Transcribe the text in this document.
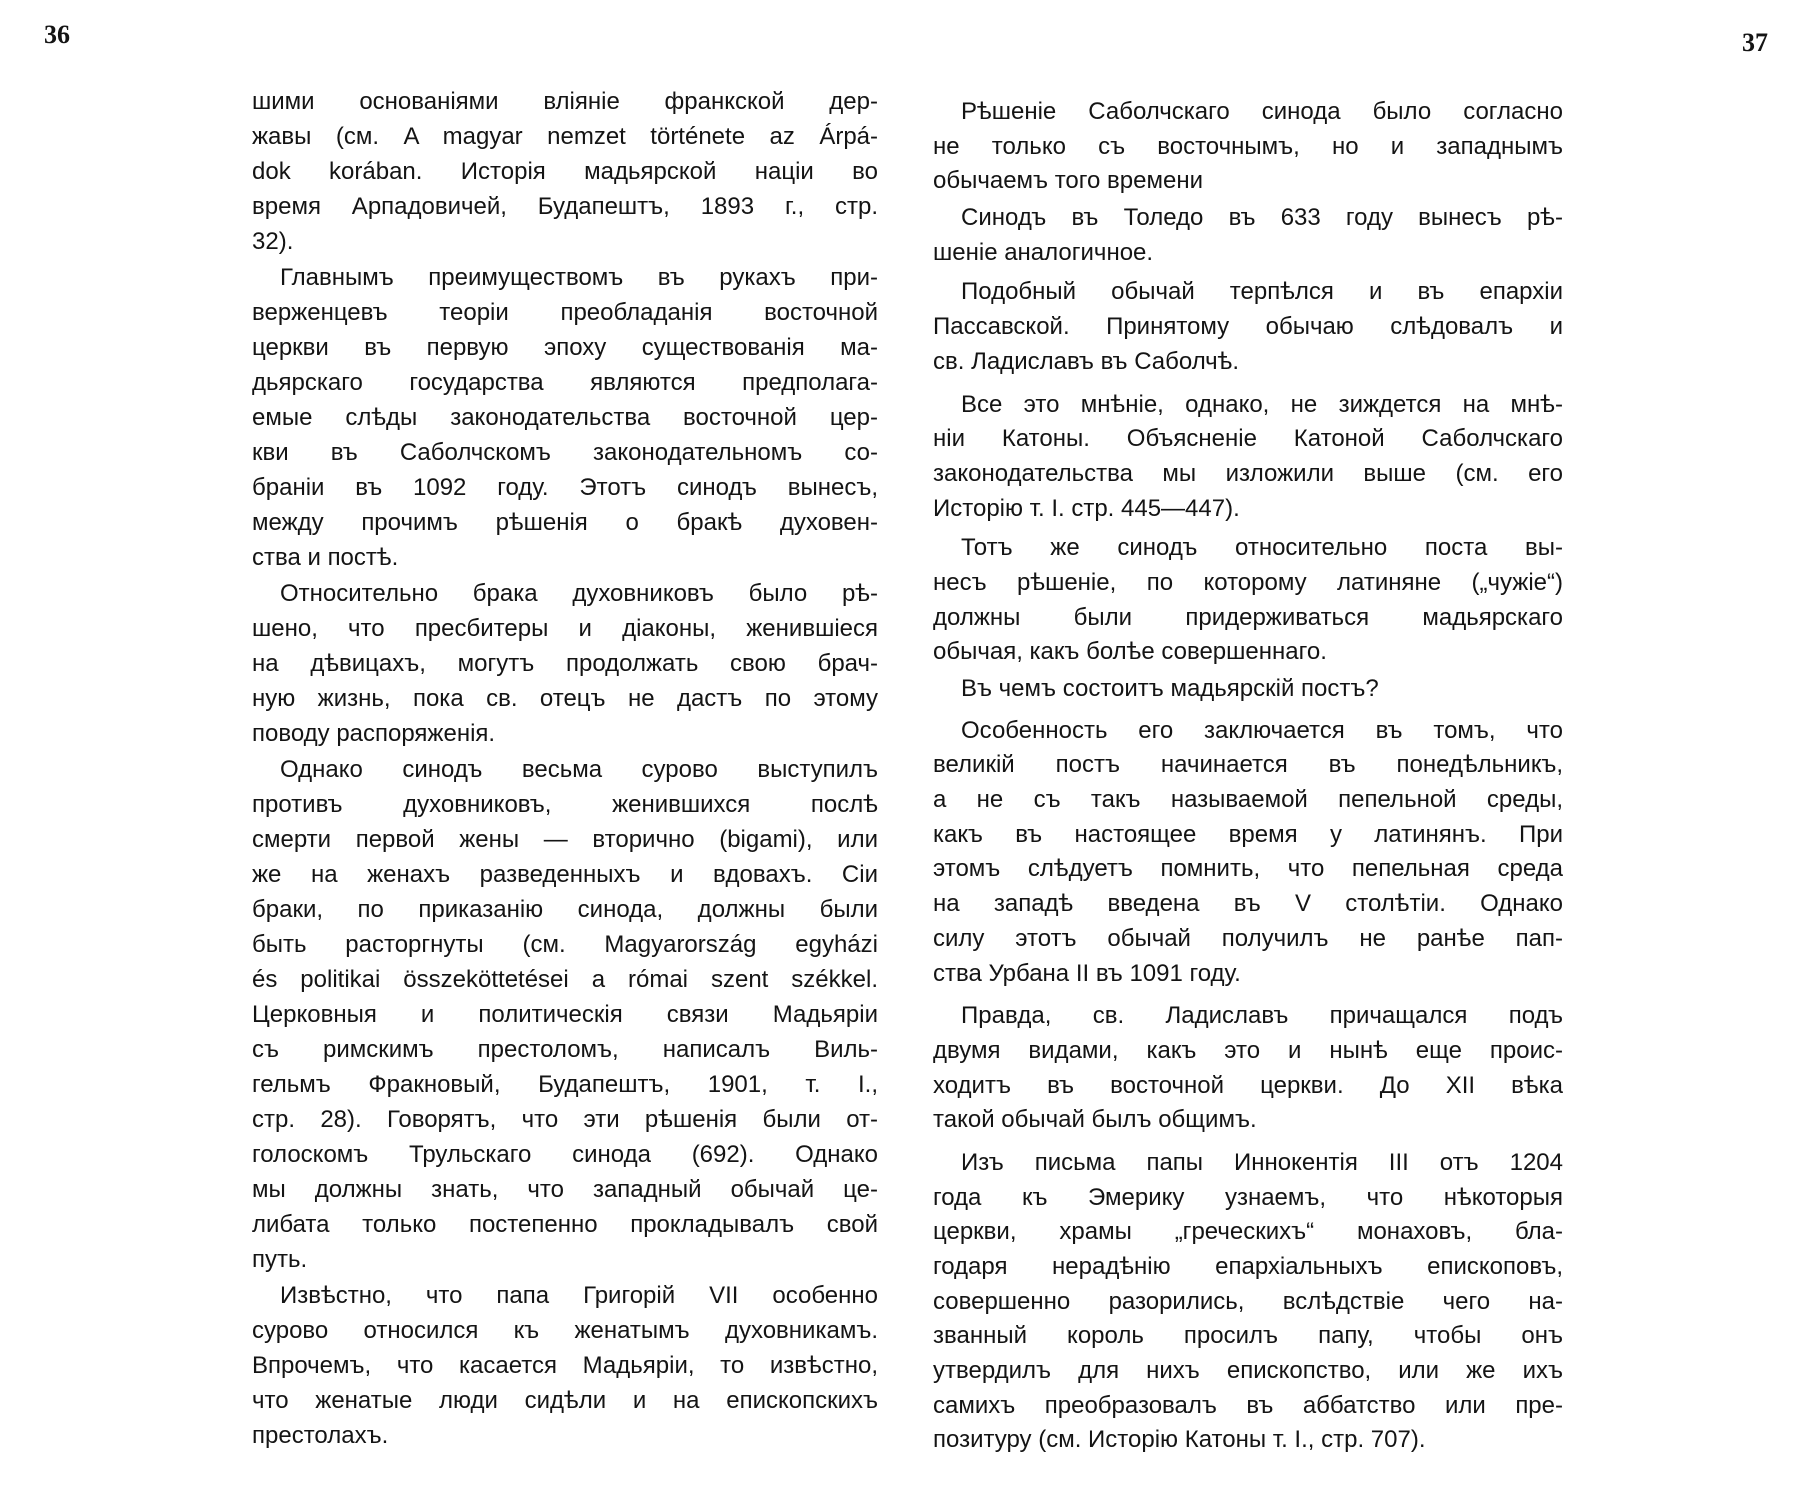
36	37
шими основаніями вліяніе франкской дер-
жавы (см. A magyar nemzet története az Árpá-
dok korában. Исторія мадьярской націи во
время Арпадовичей, Будапештъ, 1893 г., стр.
32).
Главнымъ преимуществомъ въ рукахъ при-
верженцевъ теоріи преобладанія восточной
церкви въ первую эпоху существованія ма-
дьярскаго государства являются предполага-
емые слѣды законодательства восточной цер-
кви въ Саболчскомъ законодательномъ со-
браніи въ 1092 году. Этотъ синодъ вынесъ,
между прочимъ рѣшенія о бракѣ духовен-
ства и постѣ.
Относительно брака духовниковъ было рѣ-
шено, что пресбитеры и діаконы, женившіеся
на дѣвицахъ, могутъ продолжать свою брач-
ную жизнь, пока св. отецъ не дастъ по этому
поводу распоряженія.
Однако синодъ весьма сурово выступилъ
противъ духовниковъ, женившихся послѣ
смерти первой жены — вторично (bigami), или
же на женахъ разведенныхъ и вдовахъ. Сіи
браки, по приказанію синода, должны были
быть расторгнуты (см. Magyarország egyházi
és politikai összeköttetései a római szent székkel.
Церковныя и политическія связи Мадьяріи
съ римскимъ престоломъ, написалъ Виль-
гельмъ Фракновый, Будапештъ, 1901, т. I.,
стр. 28). Говорятъ, что эти рѣшенія были от-
голоскомъ Трульскаго синода (692). Однако
мы должны знать, что западный обычай це-
либата только постепенно прокладывалъ свой
путь.
Извѣстно, что папа Григорій VII особенно
сурово относился къ женатымъ духовникамъ.
Впрочемъ, что касается Мадьяріи, то извѣстно,
что женатые люди сидѣли и на епископскихъ
престолахъ.
Рѣшеніе Саболчскаго синода было согласно
не только съ восточнымъ, но и западнымъ
обычаемъ того времени
Синодъ въ Толедо въ 633 году вынесъ рѣ-
шеніе аналогичное.
Подобный обычай терпѣлся и въ епархіи
Пассавской. Принятому обычаю слѣдовалъ и
св. Ладиславъ въ Саболчѣ.
Все это мнѣніе, однако, не зиждется на мнѣ-
ніи Катоны. Объясненіе Катоной Саболчскаго
законодательства мы изложили выше (см. его
Исторію т. I. стр. 445—447).
Тотъ же синодъ относительно поста вы-
несъ рѣшеніе, по которому латиняне („чужіе“)
должны были придерживаться мадьярскаго
обычая, какъ болѣе совершеннаго.
Въ чемъ состоитъ мадьярскій постъ?
Особенность его заключается въ томъ, что
великій постъ начинается въ понедѣльникъ,
а не съ такъ называемой пепельной среды,
какъ въ настоящее время у латинянъ. При
этомъ слѣдуетъ помнить, что пепельная среда
на западѣ введена въ V столѣтіи. Однако
силу этотъ обычай получилъ не ранѣе пап-
ства Урбана II въ 1091 году.
Правда, св. Ладиславъ причащался подъ
двумя видами, какъ это и нынѣ еще проис-
ходитъ въ восточной церкви. До XII вѣка
такой обычай былъ общимъ.
Изъ письма папы Иннокентія III отъ 1204
года къ Эмерику узнаемъ, что нѣкоторыя
церкви, храмы „греческихъ“ монаховъ, бла-
годаря нерадѣнію епархіальныхъ епископовъ,
совершенно разорились, вслѣдствіе чего на-
званный король просилъ папу, чтобы онъ
утвердилъ для нихъ епископство, или же ихъ
самихъ преобразовалъ въ аббатство или пре-
позитуру (см. Исторію Катоны т. I., стр. 707).
